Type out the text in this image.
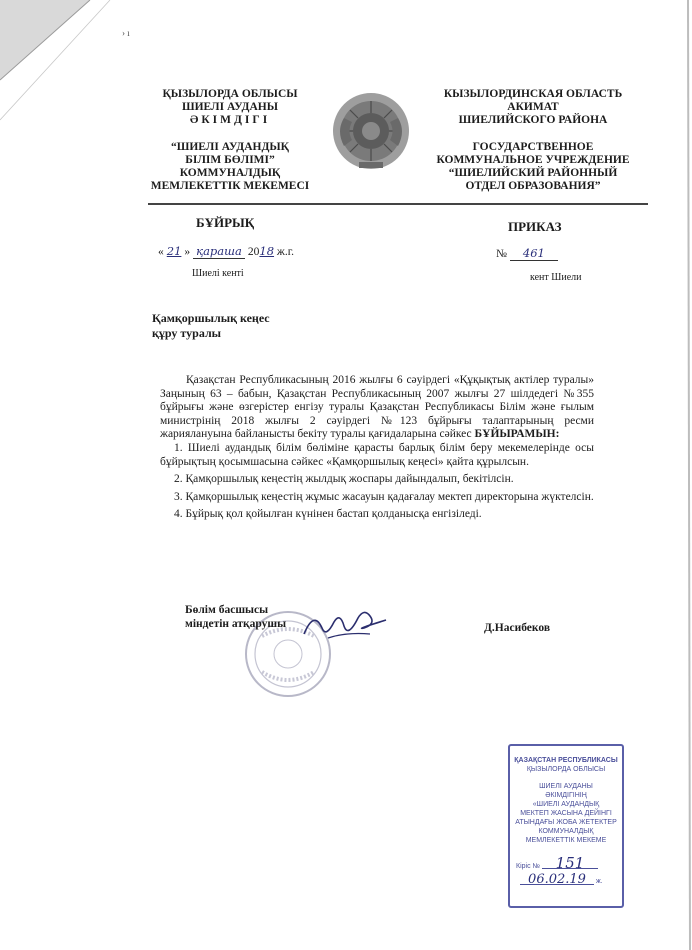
› ı
ҚЫЗЫЛОРДА ОБЛЫСЫ
ШИЕЛІ АУДАНЫ
ӘКІМДІГІ
“ШИЕЛІ АУДАНДЫҚ
БІЛІМ БӨЛІМІ”
КОММУНАЛДЫҚ
МЕМЛЕКЕТТІК МЕКЕМЕСІ
КЫЗЫЛОРДИНСКАЯ ОБЛАСТЬ
АКИМАТ
ШИЕЛИЙСКОГО РАЙОНА
ГОСУДАРСТВЕННОЕ
КОММУНАЛЬНОЕ УЧРЕЖДЕНИЕ
“ШИЕЛИЙСКИЙ РАЙОННЫЙ
ОТДЕЛ ОБРАЗОВАНИЯ”
БҰЙРЫҚ
« 21 » қараша 2018 ж.г.
Шиелі кенті
ПРИКАЗ
№ 461
кент Шиели
Қамқоршылық кеңес
құру туралы

Қазақстан Республикасының 2016 жылғы 6 сәуірдегі «Құқықтық актілер туралы» Заңының 63 – бабын, Қазақстан Республикасының 2007 жылғы 27 шілдедегі №355 бұйрығы және өзгерістер енгізу туралы Қазақстан Республикасы Білім және ғылым министрінің 2018 жылғы 2 сәуірдегі №123 бұйрығы талаптарының ресми жариялануына байланысты бекіту туралы қағидаларына сәйкес БҰЙЫРАМЫН:

1. Шиелі аудандық білім бөліміне қарасты барлық білім беру мекемелерінде осы бұйрықтың қосымшасына сәйкес «Қамқоршылық кеңесі» қайта құрылсын.

2. Қамқоршылық кеңестің жылдық жоспары дайындалып, бекітілсін.

3. Қамқоршылық кеңестің жұмыс жасауын қадағалау мектеп директорына жүктелсін.

4. Бұйрық қол қойылған күнінен бастап қолданысқа енгізіледі.

Бөлім басшысы
міндетін атқарушы	Д.Насибеков
ҚАЗАҚСТАН РЕСПУБЛИКАСЫ
ҚЫЗЫЛОРДА ОБЛЫСЫ
ШИЕЛІ АУДАНЫ
ӘКІМДІГІНІҢ
«ШИЕЛІ АУДАНДЫҚ
МЕКТЕП ЖАСЫНА ДЕЙІНГІ
АТЫНДАҒЫ ЖОБА ЖЕТЕКТЕР
КОММУНАЛДЫҚ
МЕМЛЕКЕТТІК МЕКЕМЕ
Кіріс № 151
06.02.19 ж.
